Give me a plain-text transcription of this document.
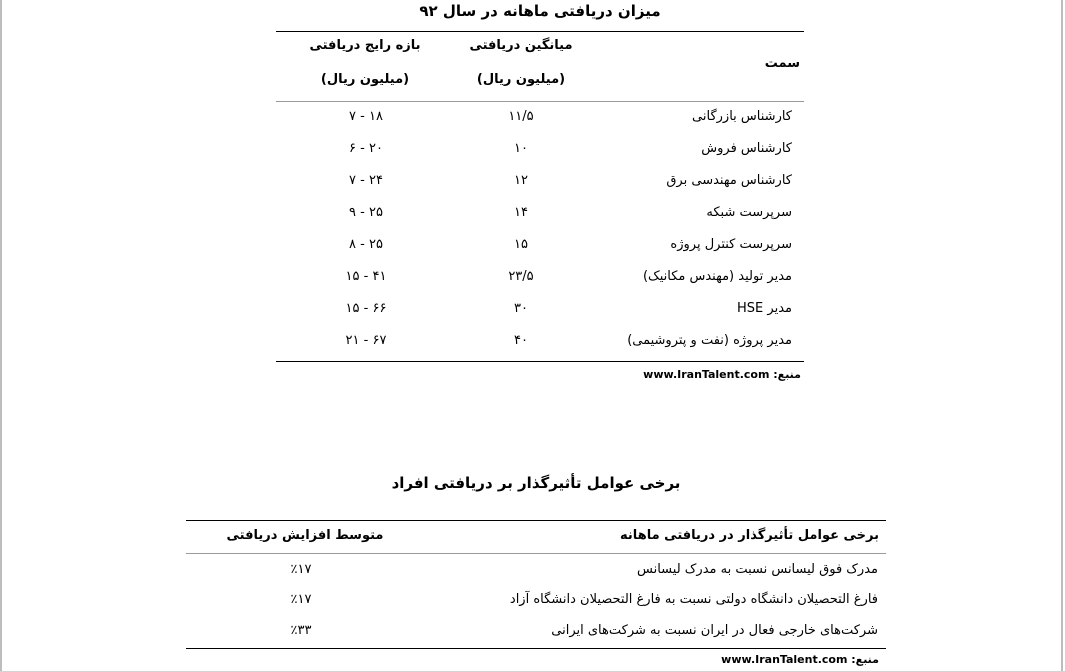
میزان دریافتی ماهانه در سال ۹۲
سمت
میانگین دریافتی
(میلیون ریال)
بازه رایج دریافتی
(میلیون ریال)
کارشناس بازرگانی
۱۱/۵
۷ - ۱۸
کارشناس فروش
۱۰
۶ - ۲۰
کارشناس مهندسی برق
۱۲
۷ - ۲۴
سرپرست شبکه
۱۴
۹ - ۲۵
سرپرست کنترل پروژه
۱۵
۸ - ۲۵
مدیر تولید (مهندس مکانیک)
۲۳/۵
۱۵ - ۴۱
مدیر HSE
۳۰
۱۵ - ۶۶
مدیر پروژه (نفت و پتروشیمی)
۴۰
۲۱ - ۶۷
منبع: www.IranTalent.com
برخی عوامل تأثیرگذار بر دریافتی افراد
برخی عوامل تأثیرگذار در دریافتی ماهانه
متوسط افزایش دریافتی
مدرک فوق لیسانس نسبت به مدرک لیسانس
٪۱۷
فارغ التحصیلان دانشگاه دولتی نسبت به فارغ التحصیلان دانشگاه آزاد
٪۱۷
شرکت‌های خارجی فعال در ایران نسبت به شرکت‌های ایرانی
٪۳۳
منبع: www.IranTalent.com
